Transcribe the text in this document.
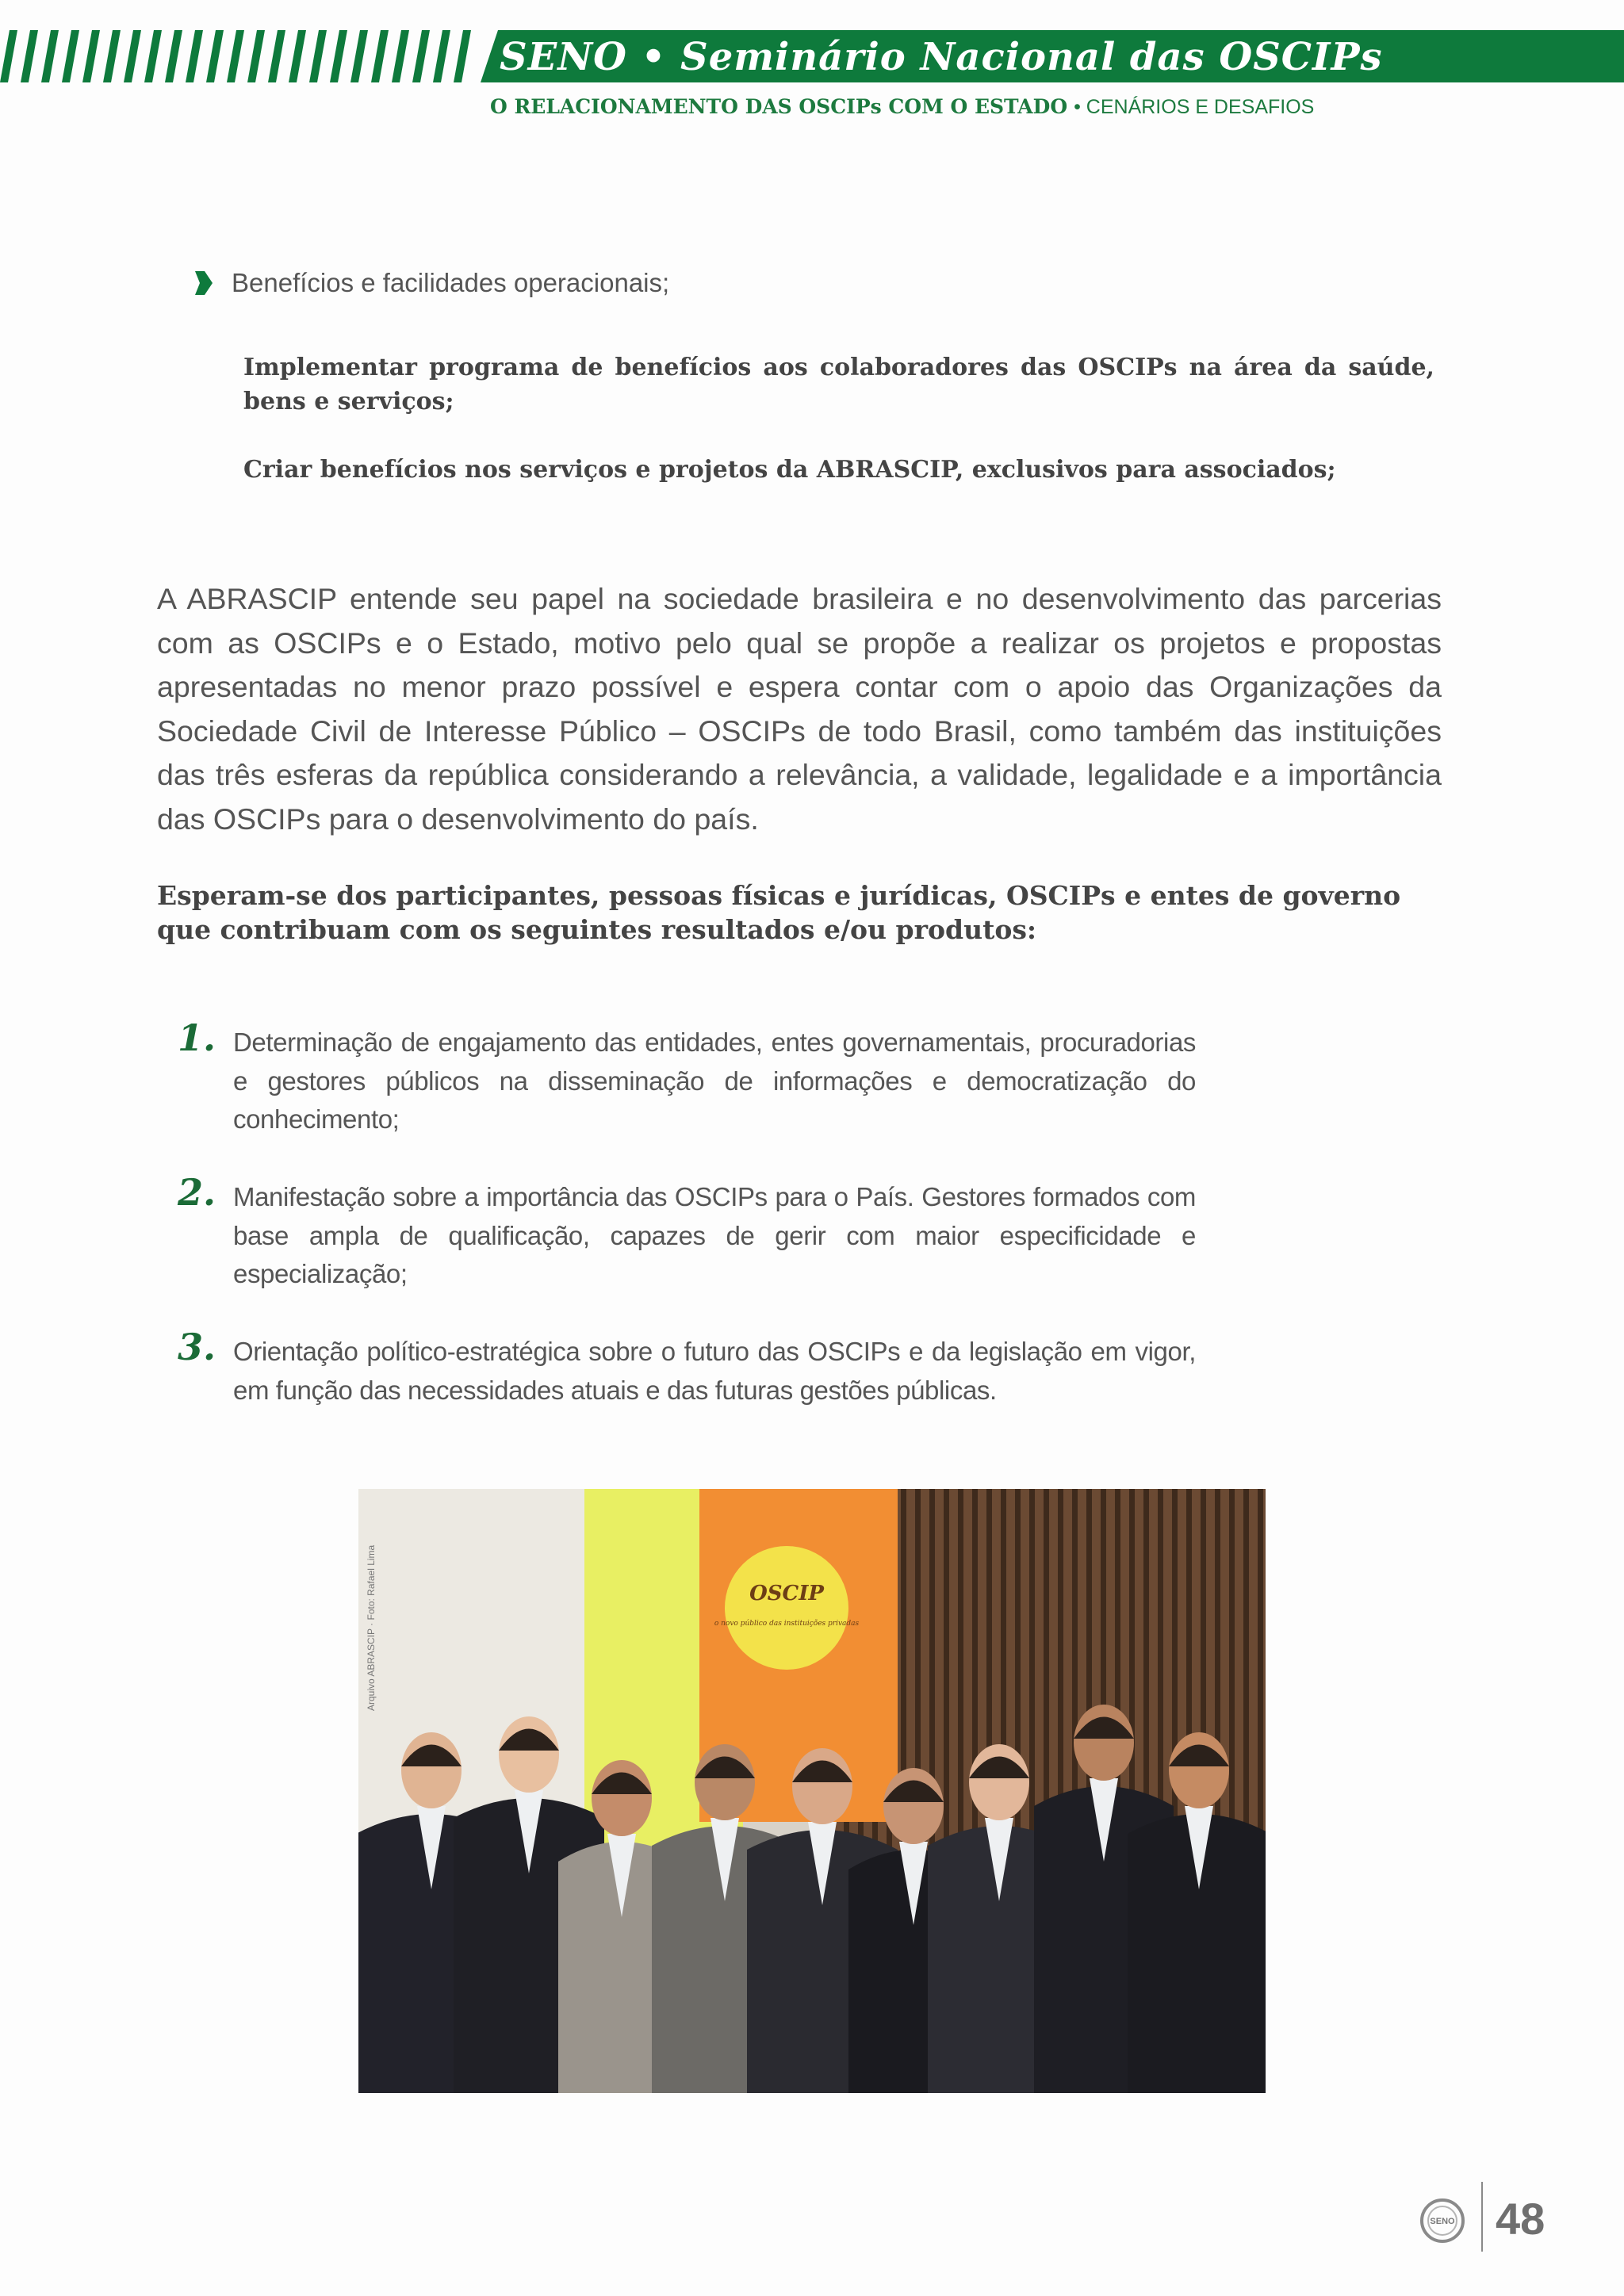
SENO • Seminário Nacional das OSCIPs
O RELACIONAMENTO DAS OSCIPs COM O ESTADO • CENÁRIOS E DESAFIOS
Benefícios e facilidades operacionais;
Implementar programa de benefícios aos colaboradores das OSCIPs na área da saúde, bens e serviços;
Criar benefícios nos serviços e projetos da ABRASCIP, exclusivos para associados;
A ABRASCIP entende seu papel na sociedade brasileira e no desenvolvimento das parcerias com as OSCIPs e o Estado, motivo pelo qual se propõe a realizar os projetos e propostas apresentadas no menor prazo possível e espera contar com o apoio das Organizações da Sociedade Civil de Interesse Público – OSCIPs de todo Brasil, como também das instituições das três esferas da república considerando a relevância, a validade, legalidade e a importância das OSCIPs para o desenvolvimento do país.
Esperam-se dos participantes, pessoas físicas e jurídicas, OSCIPs e entes de governo que contribuam com os seguintes resultados e/ou produtos:
1. Determinação de engajamento das entidades, entes governamentais, procuradorias e gestores públicos na disseminação de informações e democratização do conhecimento;
2. Manifestação sobre a importância das OSCIPs para o País. Gestores formados com base ampla de qualificação, capazes de gerir com maior especificidade e especialização;
3. Orientação político-estratégica sobre o futuro das OSCIPs e da legislação em vigor, em função das necessidades atuais e das futuras gestões públicas.
OSCIP
o novo público das instituições privadas
Arquivo ABRASCIP · Foto: Rafael Lima
SENO 48
